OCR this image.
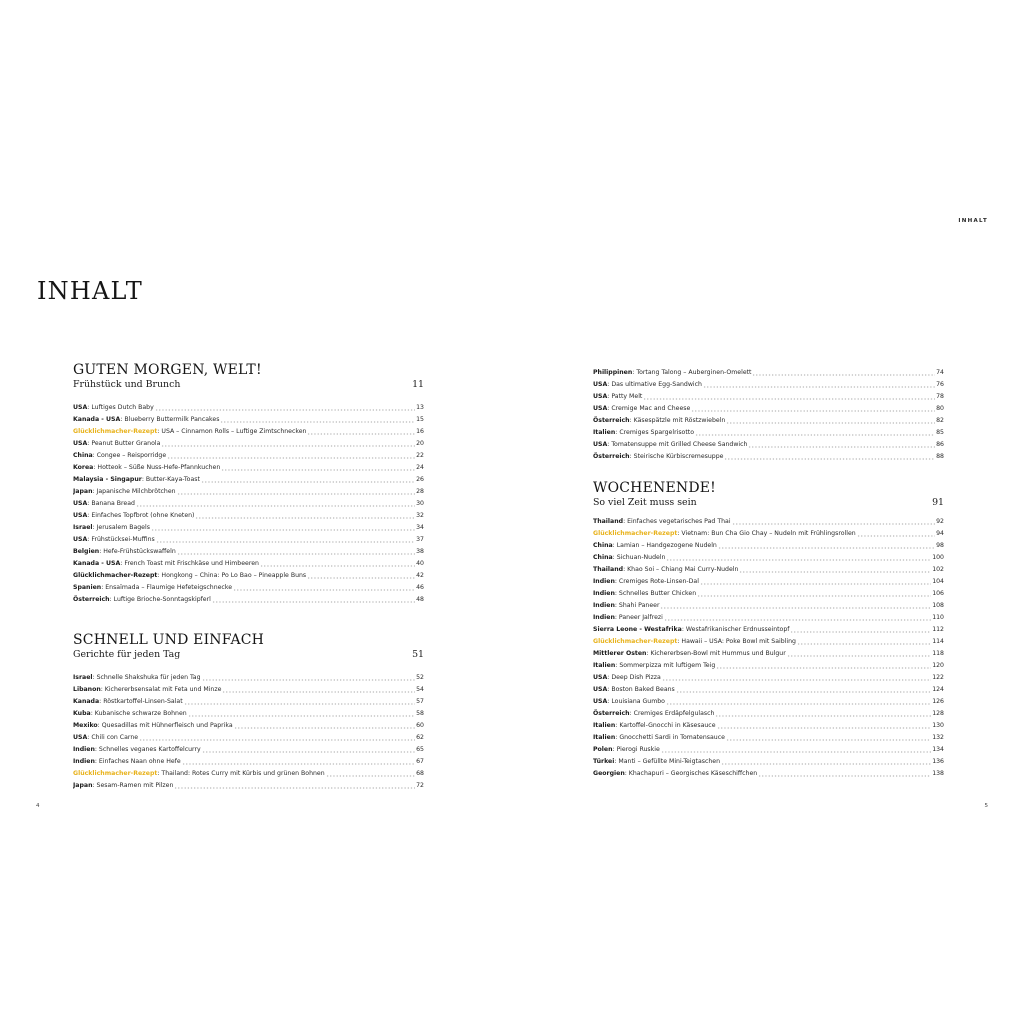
INHALT
INHALT
GUTEN MORGEN, WELT!
Frühstück und Brunch	11
USA : Luftiges Dutch Baby	13
Kanada - USA : Blueberry Buttermilk Pancakes	15
Glücklichmacher-Rezept : USA – Cinnamon Rolls – Luftige Zimtschnecken	16
USA : Peanut Butter Granola	20
China : Congee – Reisporridge	22
Korea : Hotteok – Süße Nuss-Hefe-Pfannkuchen	24
Malaysia - Singapur : Butter-Kaya-Toast	26
Japan : Japanische Milchbrötchen	28
USA : Banana Bread	30
USA : Einfaches Topfbrot (ohne Kneten)	32
Israel : Jerusalem Bagels	34
USA : Frühstücksei-Muffins	37
Belgien : Hefe-Frühstückswaffeln	38
Kanada - USA : French Toast mit Frischkäse und Himbeeren	40
Glücklichmacher-Rezept : Hongkong – China: Po Lo Bao – Pineapple Buns	42
Spanien : Ensaïmada – Flaumige Hefeteigschnecke	46
Österreich : Luftige Brioche-Sonntagskipferl	48
SCHNELL UND EINFACH
Gerichte für jeden Tag	51
Israel : Schnelle Shakshuka für jeden Tag	52
Libanon : Kichererbsensalat mit Feta und Minze	54
Kanada : Röstkartoffel-Linsen-Salat	57
Kuba : Kubanische schwarze Bohnen	58
Mexiko : Quesadillas mit Hühnerfleisch und Paprika	60
USA : Chili con Carne	62
Indien : Schnelles veganes Kartoffelcurry	65
Indien : Einfaches Naan ohne Hefe	67
Glücklichmacher-Rezept : Thailand: Rotes Curry mit Kürbis und grünen Bohnen	68
Japan : Sesam-Ramen mit Pilzen	72
Philippinen : Tortang Talong – Auberginen-Omelett	74
USA : Das ultimative Egg-Sandwich	76
USA : Patty Melt	78
USA : Cremige Mac and Cheese	80
Österreich : Käsespätzle mit Röstzwiebeln	82
Italien : Cremiges Spargelrisotto	85
USA : Tomatensuppe mit Grilled Cheese Sandwich	86
Österreich : Steirische Kürbiscremesuppe	88
WOCHENENDE!
So viel Zeit muss sein	91
Thailand : Einfaches vegetarisches Pad Thai	92
Glücklichmacher-Rezept : Vietnam: Bun Cha Gio Chay – Nudeln mit Frühlingsrollen	94
China : Lamian – Handgezogene Nudeln	98
China : Sichuan-Nudeln	100
Thailand : Khao Soi – Chiang Mai Curry-Nudeln	102
Indien : Cremiges Rote-Linsen-Dal	104
Indien : Schnelles Butter Chicken	106
Indien : Shahi Paneer	108
Indien : Paneer Jalfrezi	110
Sierra Leone - Westafrika : Westafrikanischer Erdnusseintopf	112
Glücklichmacher-Rezept : Hawaii – USA: Poke Bowl mit Saibling	114
Mittlerer Osten : Kichererbsen-Bowl mit Hummus und Bulgur	118
Italien : Sommerpizza mit luftigem Teig	120
USA : Deep Dish Pizza	122
USA : Boston Baked Beans	124
USA : Louisiana Gumbo	126
Österreich : Cremiges Erdäpfelgulasch	128
Italien : Kartoffel-Gnocchi in Käsesauce	130
Italien : Gnocchetti Sardi in Tomatensauce	132
Polen : Pierogi Ruskie	134
Türkei : Manti – Gefüllte Mini-Teigtaschen	136
Georgien : Khachapuri – Georgisches Käseschiffchen	138
4	5
